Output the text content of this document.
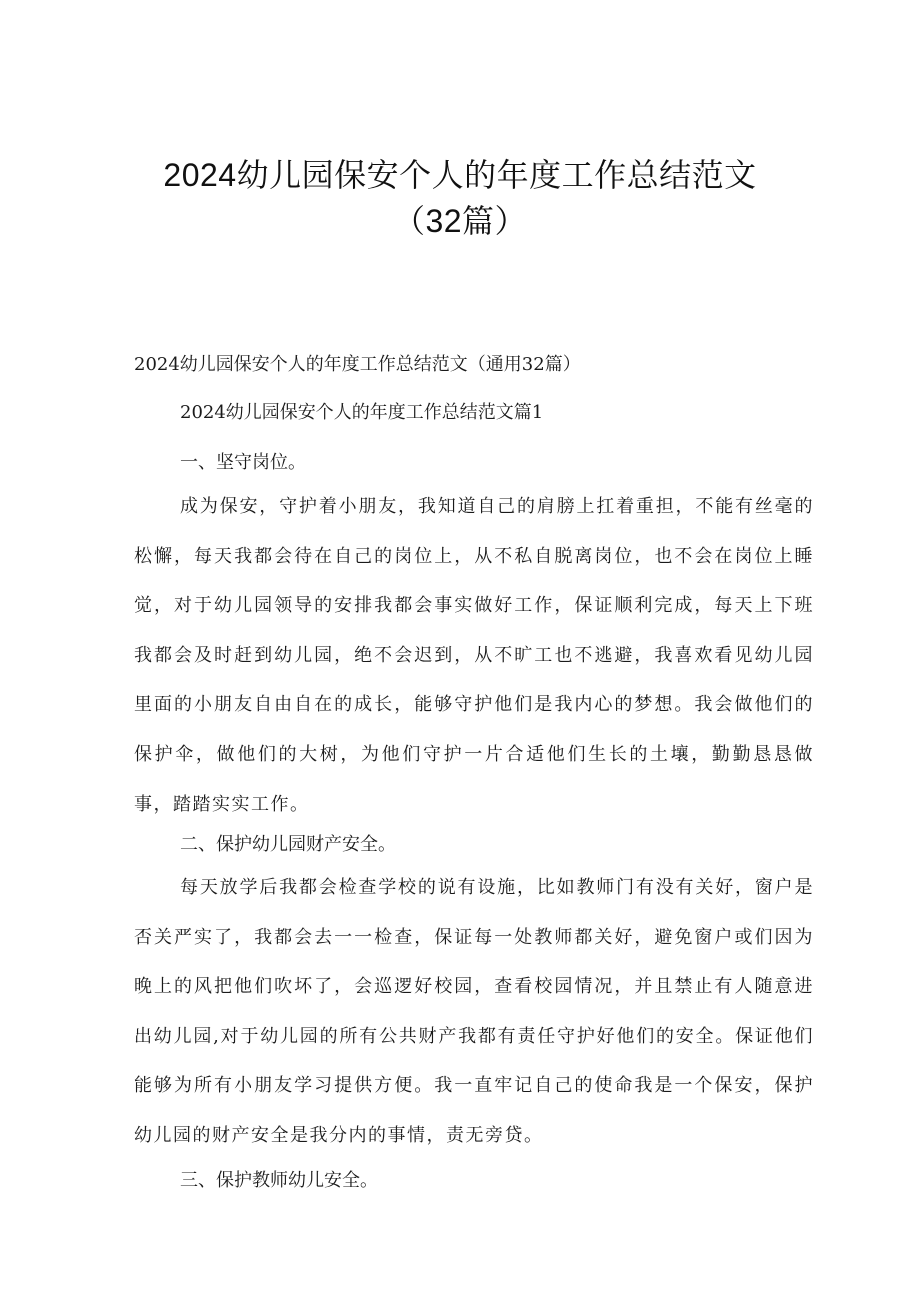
2024幼儿园保安个人的年度工作总结范文
（32篇）
2024幼儿园保安个人的年度工作总结范文（通用32篇）
2024幼儿园保安个人的年度工作总结范文篇1
一、坚守岗位。
成为保安，守护着小朋友，我知道自己的肩膀上扛着重担，不能有丝毫的松懈，每天我都会待在自己的岗位上，从不私自脱离岗位，也不会在岗位上睡觉，对于幼儿园领导的安排我都会事实做好工作，保证顺利完成，每天上下班我都会及时赶到幼儿园，绝不会迟到，从不旷工也不逃避，我喜欢看见幼儿园里面的小朋友自由自在的成长，能够守护他们是我内心的梦想。我会做他们的保护伞，做他们的大树，为他们守护一片合适他们生长的土壤，勤勤恳恳做事，踏踏实实工作。
二、保护幼儿园财产安全。
每天放学后我都会检查学校的说有设施，比如教师门有没有关好，窗户是否关严实了，我都会去一一检查，保证每一处教师都关好，避免窗户或们因为晚上的风把他们吹坏了，会巡逻好校园，查看校园情况，并且禁止有人随意进出幼儿园,对于幼儿园的所有公共财产我都有责任守护好他们的安全。保证他们能够为所有小朋友学习提供方便。我一直牢记自己的使命我是一个保安，保护幼儿园的财产安全是我分内的事情，责无旁贷。
三、保护教师幼儿安全。
